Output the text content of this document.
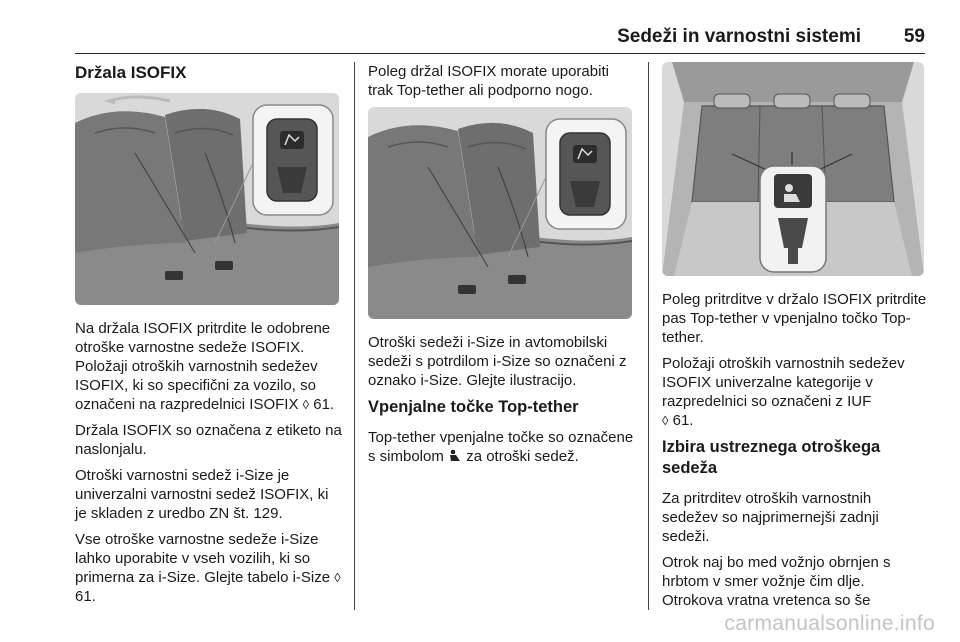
Sedeži in varnostni sistemi 59
Držala ISOFIX

Na držala ISOFIX pritrdite le odobrene otroške varnostne sedeže ISOFIX. Položaji otroških varnostnih sedežev ISOFIX, ki so specifični za vozilo, so označeni na razpredelnici ISOFIX ◊ 61.

Držala ISOFIX so označena z etiketo na naslonjalu.

Otroški varnostni sedež i-Size je univerzalni varnostni sedež ISOFIX, ki je skladen z uredbo ZN št. 129.

Vse otroške varnostne sedeže i-Size lahko uporabite v vseh vozilih, ki so primerna za i-Size. Glejte tabelo i-Size ◊ 61.

Poleg držal ISOFIX morate uporabiti trak Top-tether ali podporno nogo.

Otroški sedeži i-Size in avtomobilski sedeži s potrdilom i-Size so označeni z oznako i-Size. Glejte ilustracijo.

Vpenjalne točke Top-tether

Top-tether vpenjalne točke so označene s simbolom za otroški sedež.

Poleg pritrditve v držalo ISOFIX pritrdite pas Top-tether v vpenjalno točko Top-tether.

Položaji otroških varnostnih sedežev ISOFIX univerzalne kategorije v razpredelnici so označeni z IUF
◊ 61.

Izbira ustreznega otroškega sedeža

Za pritrditev otroških varnostnih sedežev so najprimernejši zadnji sedeži.

Otrok naj bo med vožnjo obrnjen s hrbtom v smer vožnje čim dlje. Otrokova vratna vretenca so še

carmanualsonline.info
